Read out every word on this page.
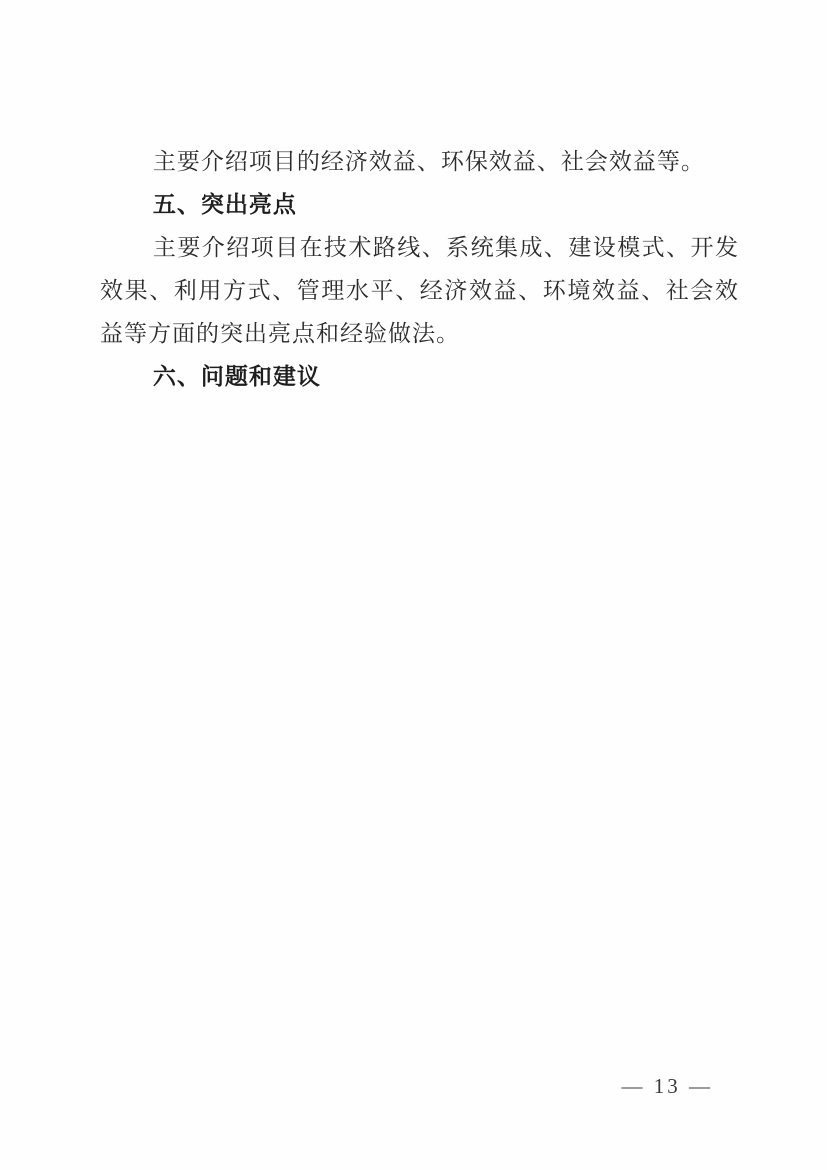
主要介绍项目的经济效益、环保效益、社会效益等。

五、突出亮点

主要介绍项目在技术路线、系统集成、建设模式、开发效果、利用方式、管理水平、经济效益、环境效益、社会效益等方面的突出亮点和经验做法。

六、问题和建议
— 13 —
